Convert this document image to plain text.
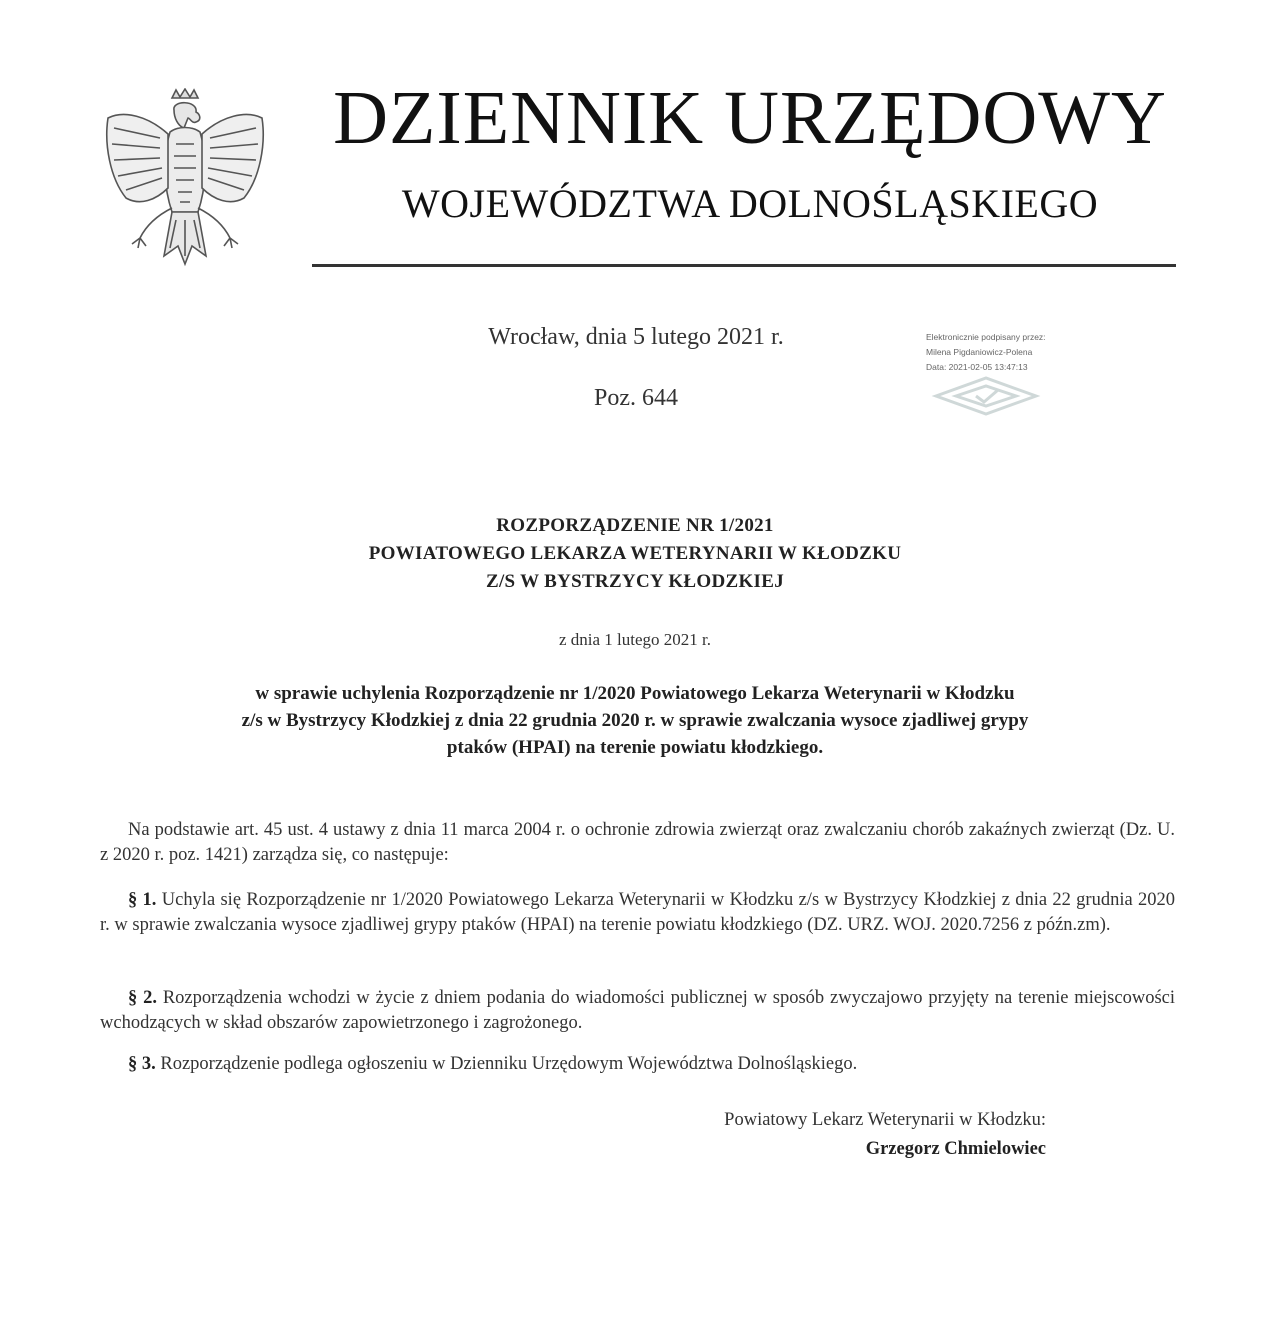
DZIENNIK URZĘDOWY
WOJEWÓDZTWA DOLNOŚLĄSKIEGO
Wrocław, dnia 5 lutego 2021 r.
Poz. 644
Elektronicznie podpisany przez:
Milena Pigdaniowicz-Polena
Data: 2021-02-05 13:47:13
ROZPORZĄDZENIE NR 1/2021
POWIATOWEGO LEKARZA WETERYNARII W KŁODZKU
Z/S W BYSTRZYCY KŁODZKIEJ
z dnia 1 lutego 2021 r.
w sprawie uchylenia Rozporządzenie nr 1/2020 Powiatowego Lekarza Weterynarii w Kłodzku
z/s w Bystrzycy Kłodzkiej z dnia 22 grudnia 2020 r. w sprawie zwalczania wysoce zjadliwej grypy
ptaków (HPAI) na terenie powiatu kłodzkiego.
Na podstawie art. 45 ust. 4 ustawy z dnia 11 marca 2004 r. o ochronie zdrowia zwierząt oraz zwalczaniu chorób zakaźnych zwierząt (Dz. U. z 2020 r. poz. 1421) zarządza się, co następuje:
§ 1. Uchyla się Rozporządzenie nr 1/2020 Powiatowego Lekarza Weterynarii w Kłodzku z/s w Bystrzycy Kłodzkiej z dnia 22 grudnia 2020 r. w sprawie zwalczania wysoce zjadliwej grypy ptaków (HPAI) na terenie powiatu kłodzkiego (DZ. URZ. WOJ. 2020.7256 z późn.zm).
§ 2. Rozporządzenia wchodzi w życie z dniem podania do wiadomości publicznej w sposób zwyczajowo przyjęty na terenie miejscowości wchodzących w skład obszarów zapowietrzonego i zagrożonego.
§ 3. Rozporządzenie podlega ogłoszeniu w Dzienniku Urzędowym Województwa Dolnośląskiego.
Powiatowy Lekarz Weterynarii w Kłodzku:
Grzegorz Chmielowiec
